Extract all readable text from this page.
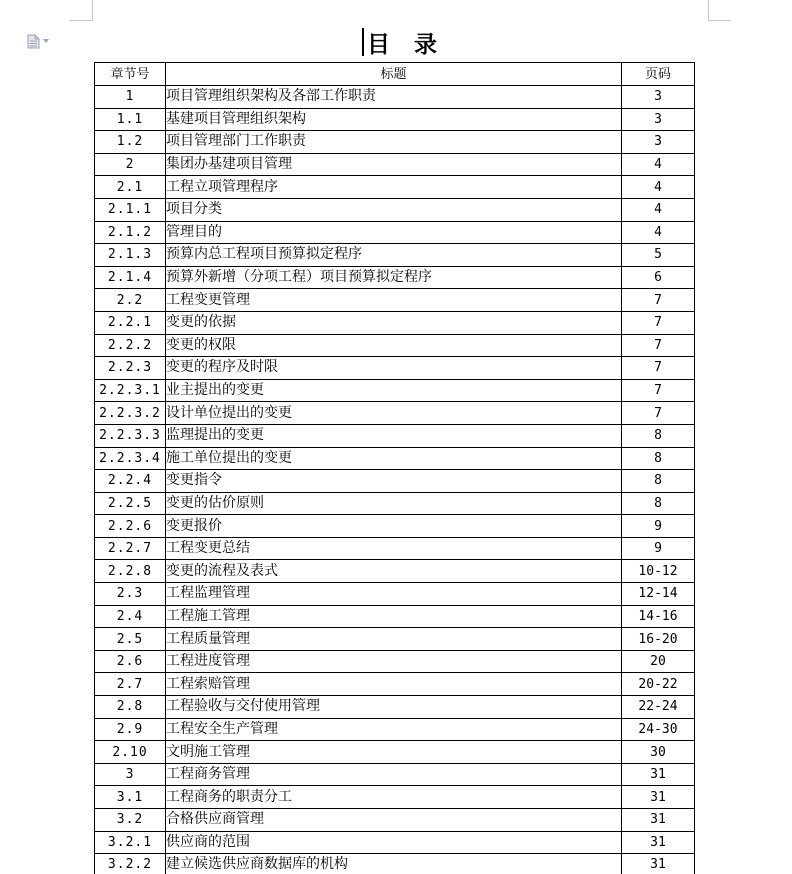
目 录
章节号	标题	页码
1	项目管理组织架构及各部工作职责	3
1.1	基建项目管理组织架构	3
1.2	项目管理部门工作职责	3
2	集团办基建项目管理	4
2.1	工程立项管理程序	4
2.1.1	项目分类	4
2.1.2	管理目的	4
2.1.3	预算内总工程项目预算拟定程序	5
2.1.4	预算外新增（分项工程）项目预算拟定程序	6
2.2	工程变更管理	7
2.2.1	变更的依据	7
2.2.2	变更的权限	7
2.2.3	变更的程序及时限	7
2.2.3.1	业主提出的变更	7
2.2.3.2	设计单位提出的变更	7
2.2.3.3	监理提出的变更	8
2.2.3.4	施工单位提出的变更	8
2.2.4	变更指令	8
2.2.5	变更的估价原则	8
2.2.6	变更报价	9
2.2.7	工程变更总结	9
2.2.8	变更的流程及表式	10-12
2.3	工程监理管理	12-14
2.4	工程施工管理	14-16
2.5	工程质量管理	16-20
2.6	工程进度管理	20
2.7	工程索赔管理	20-22
2.8	工程验收与交付使用管理	22-24
2.9	工程安全生产管理	24-30
2.10	文明施工管理	30
3	工程商务管理	31
3.1	工程商务的职责分工	31
3.2	合格供应商管理	31
3.2.1	供应商的范围	31
3.2.2	建立候选供应商数据库的机构	31
